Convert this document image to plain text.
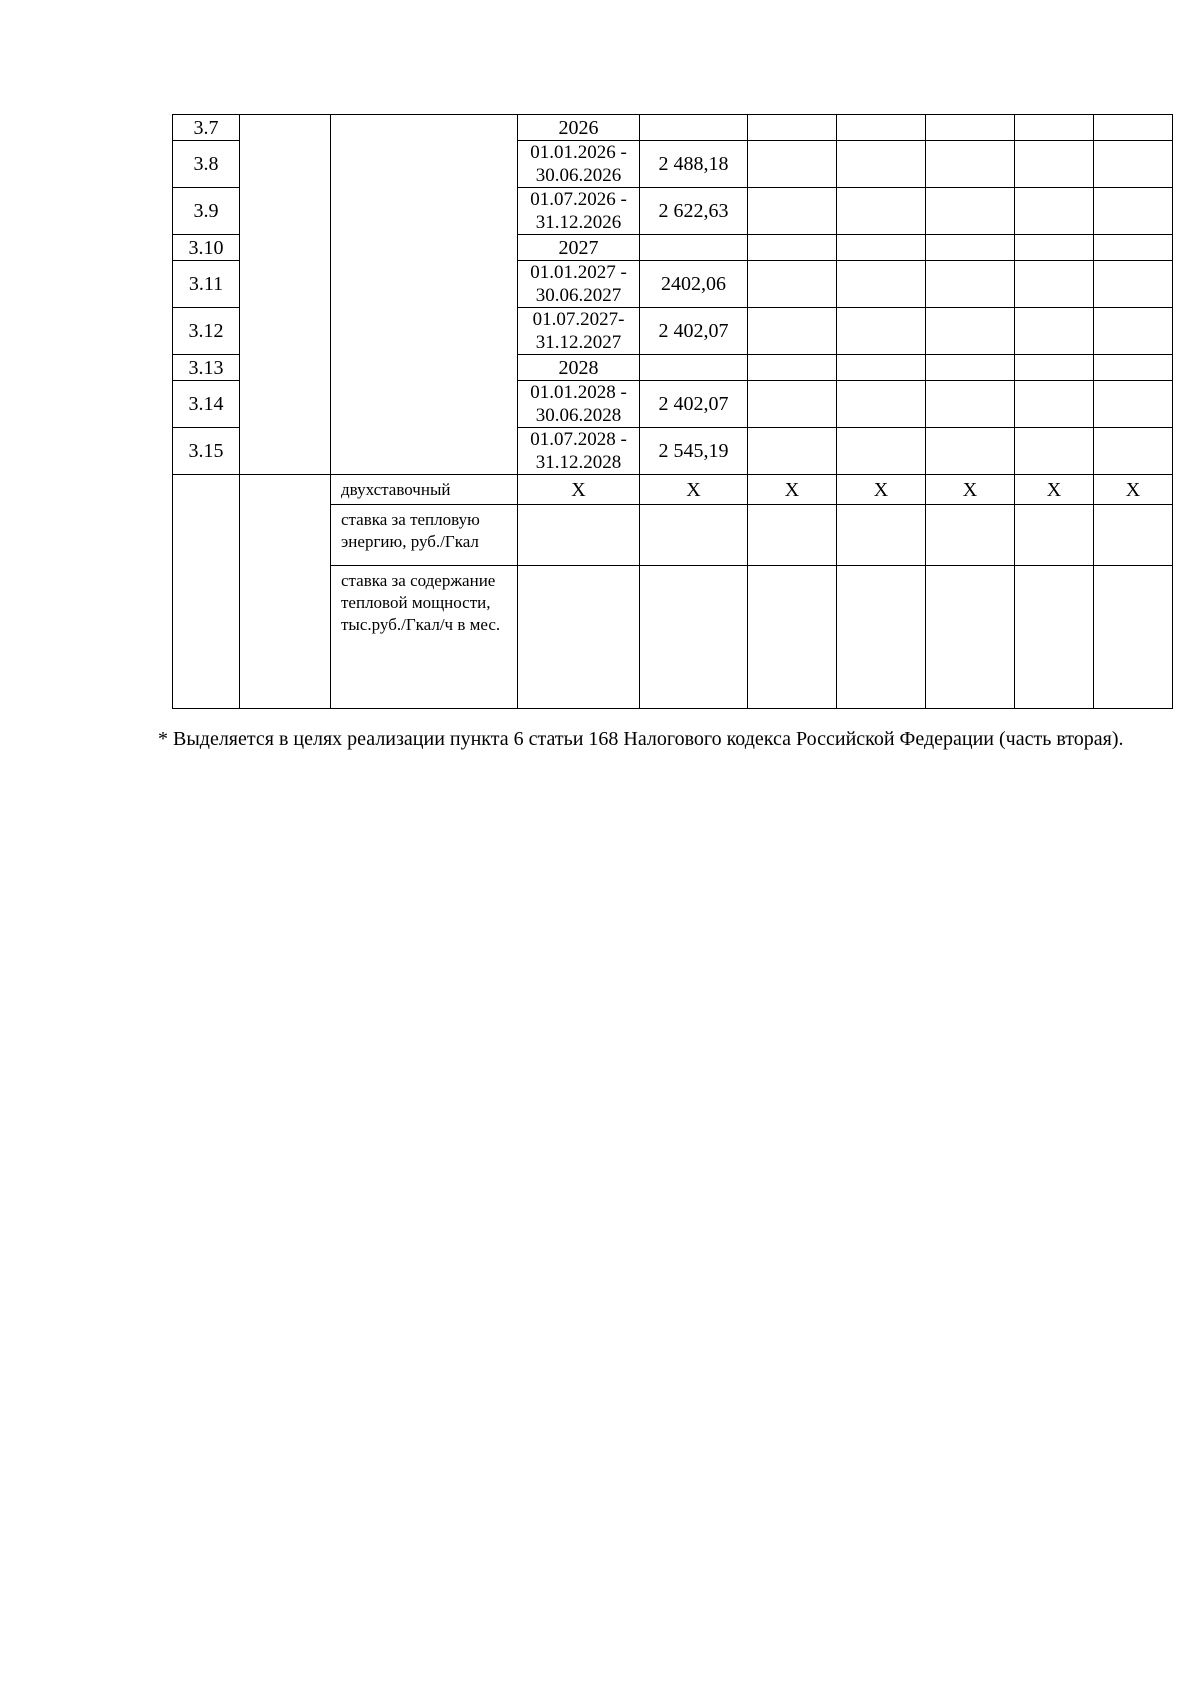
3.7			2026						
3.8			01.01.2026 - 30.06.2026	2 488,18					
3.9			01.07.2026 - 31.12.2026	2 622,63					
3.10			2027						
3.11			01.01.2027 - 30.06.2027	2402,06					
3.12			01.07.2027- 31.12.2027	2 402,07					
3.13			2028						
3.14			01.01.2028 - 30.06.2028	2 402,07					
3.15			01.07.2028 - 31.12.2028	2 545,19					
		двухставочный	X	X	X	X	X	X	X
		ставка за тепловую энергию, руб./Гкал							
		ставка за содержание тепловой мощности, тыс.руб./Гкал/ч в мес.							

* Выделяется в целях реализации пункта 6 статьи 168 Налогового кодекса Российской Федерации (часть вторая).
